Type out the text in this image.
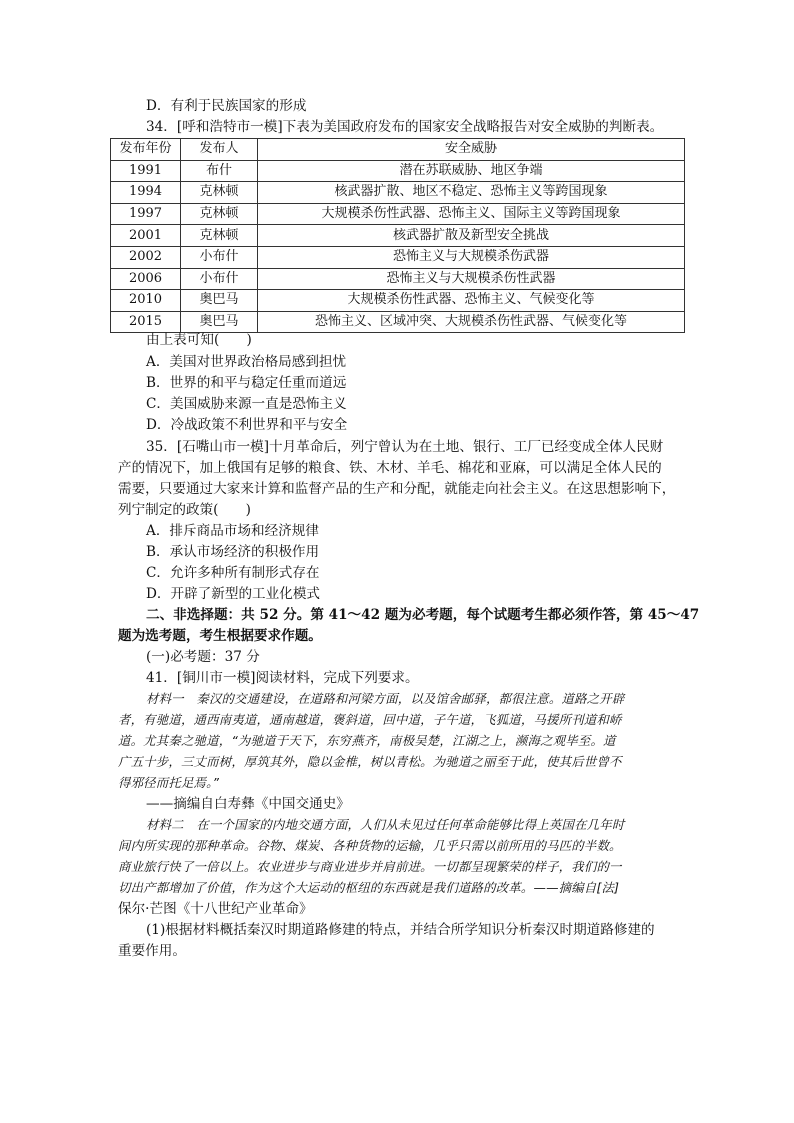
D．有利于民族国家的形成
34．[呼和浩特市一模]下表为美国政府发布的国家安全战略报告对安全威胁的判断表。
发布年份	发布人	安全威胁
1991	布什	潜在苏联威胁、地区争端
1994	克林顿	核武器扩散、地区不稳定、恐怖主义等跨国现象
1997	克林顿	大规模杀伤性武器、恐怖主义、国际主义等跨国现象
2001	克林顿	核武器扩散及新型安全挑战
2002	小布什	恐怖主义与大规模杀伤武器
2006	小布什	恐怖主义与大规模杀伤性武器
2010	奥巴马	大规模杀伤性武器、恐怖主义、气候变化等
2015	奥巴马	恐怖主义、区域冲突、大规模杀伤性武器、气候变化等
由上表可知(　　)
A．美国对世界政治格局感到担忧
B．世界的和平与稳定任重而道远
C．美国威胁来源一直是恐怖主义
D．冷战政策不利世界和平与安全
35．[石嘴山市一模]十月革命后，列宁曾认为在土地、银行、工厂已经变成全体人民财
产的情况下，加上俄国有足够的粮食、铁、木材、羊毛、棉花和亚麻，可以满足全体人民的
需要，只要通过大家来计算和监督产品的生产和分配，就能走向社会主义。在这思想影响下，
列宁制定的政策(　　)
A．排斥商品市场和经济规律
B．承认市场经济的积极作用
C．允许多种所有制形式存在
D．开辟了新型的工业化模式
二、非选择题：共 52 分。第 41～42 题为必考题，每个试题考生都必须作答，第 45～47
题为选考题，考生根据要求作题。
(一)必考题：37 分
41．[铜川市一模]阅读材料，完成下列要求。
材料一　秦汉的交通建设，在道路和河梁方面，以及馆舍邮驿，都很注意。道路之开辟
者，有驰道，通西南夷道，通南越道，褒斜道，回中道，子午道，飞狐道，马援所刊道和峤
道。尤其秦之驰道，“为驰道于天下，东穷燕齐，南极吴楚，江湖之上，濒海之观毕至。道
广五十步，三丈而树，厚筑其外，隐以金椎，树以青松。为驰道之丽至于此，使其后世曾不
得邪径而托足焉。”
——摘编自白寿彝《中国交通史》
材料二　在一个国家的内地交通方面，人们从未见过任何革命能够比得上英国在几年时
间内所实现的那种革命。谷物、煤炭、各种货物的运输，几乎只需以前所用的马匹的半数。
商业旅行快了一倍以上。农业进步与商业进步并肩前进。一切都呈现繁荣的样子，我们的一
切出产都增加了价值，作为这个大运动的枢纽的东西就是我们道路的改革。——摘编自[法]
保尔·芒图《十八世纪产业革命》
(1)根据材料概括秦汉时期道路修建的特点，并结合所学知识分析秦汉时期道路修建的
重要作用。
